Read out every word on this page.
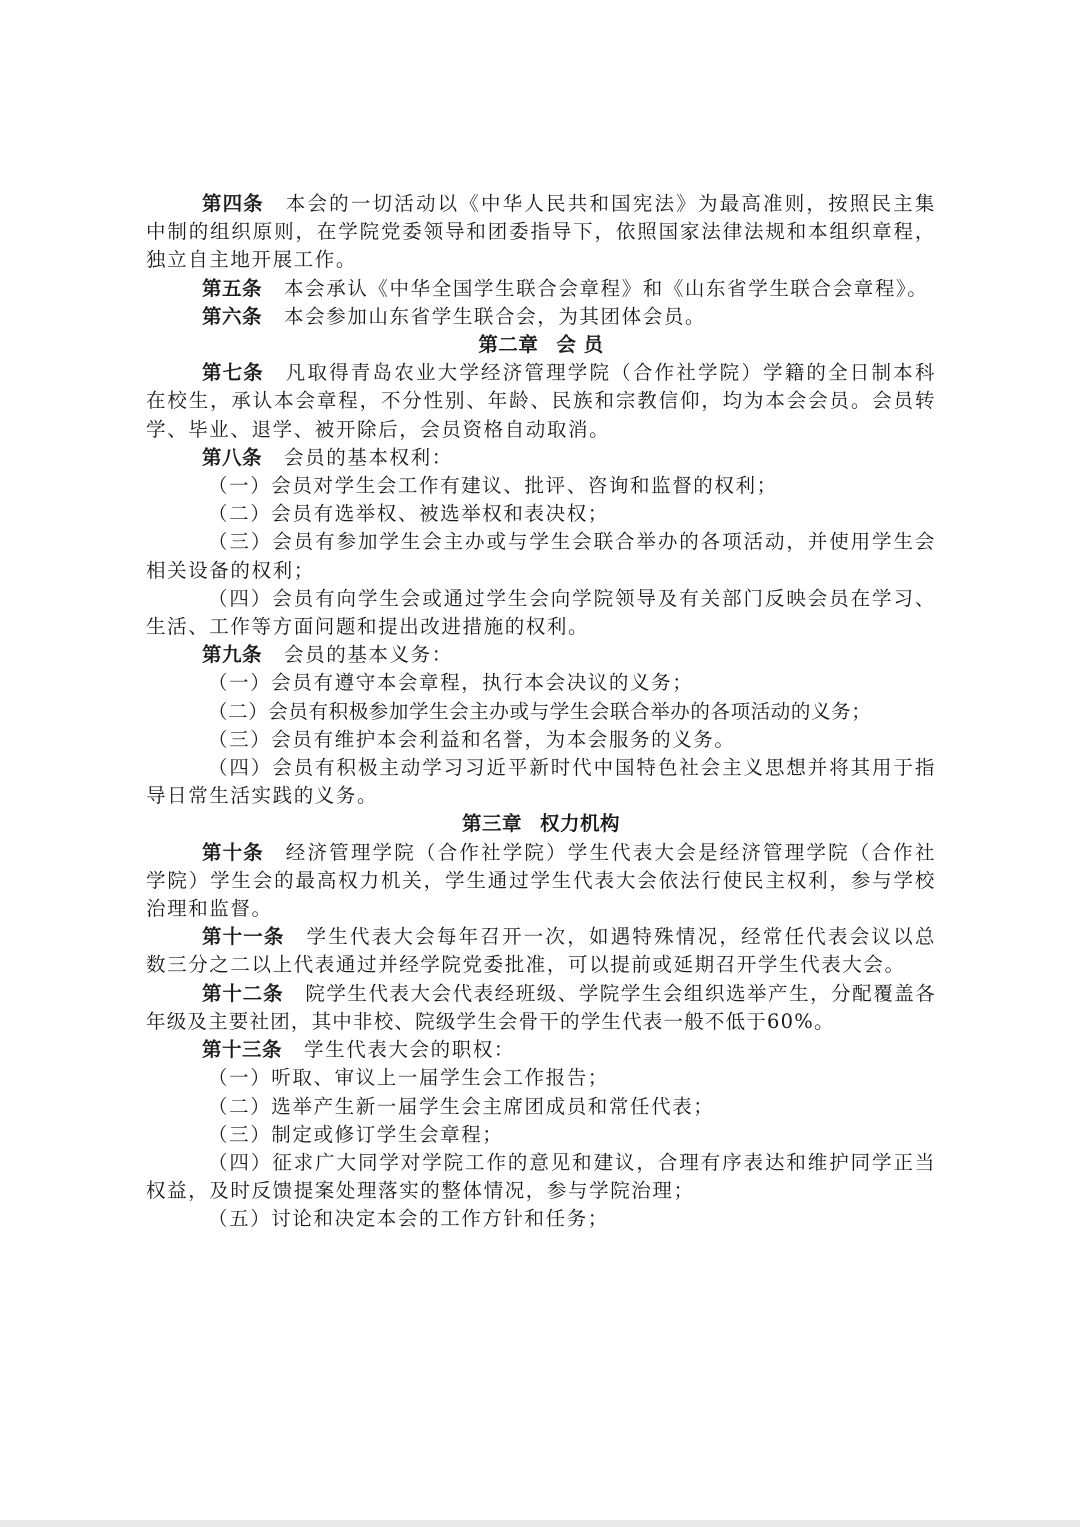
第四条 本会的一切活动以《中华人民共和国宪法》为最高准则，按照民主集中制的组织原则，在学院党委领导和团委指导下，依照国家法律法规和本组织章程，独立自主地开展工作。

第五条 本会承认《中华全国学生联合会章程》和《山东省学生联合会章程》。

第六条 本会参加山东省学生联合会，为其团体会员。

第二章 会 员

第七条 凡取得青岛农业大学经济管理学院（合作社学院）学籍的全日制本科在校生，承认本会章程，不分性别、年龄、民族和宗教信仰，均为本会会员。会员转学、毕业、退学、被开除后，会员资格自动取消。

第八条 会员的基本权利：

（一）会员对学生会工作有建议、批评、咨询和监督的权利；

（二）会员有选举权、被选举权和表决权；

（三）会员有参加学生会主办或与学生会联合举办的各项活动，并使用学生会相关设备的权利；

（四）会员有向学生会或通过学生会向学院领导及有关部门反映会员在学习、生活、工作等方面问题和提出改进措施的权利。

第九条 会员的基本义务：

（一）会员有遵守本会章程，执行本会决议的义务；

（二）会员有积极参加学生会主办或与学生会联合举办的各项活动的义务；

（三）会员有维护本会利益和名誉，为本会服务的义务。

（四）会员有积极主动学习习近平新时代中国特色社会主义思想并将其用于指导日常生活实践的义务。

第三章 权力机构

第十条 经济管理学院（合作社学院）学生代表大会是经济管理学院（合作社学院）学生会的最高权力机关，学生通过学生代表大会依法行使民主权利，参与学校治理和监督。

第十一条 学生代表大会每年召开一次，如遇特殊情况，经常任代表会议以总数三分之二以上代表通过并经学院党委批准，可以提前或延期召开学生代表大会。

第十二条 院学生代表大会代表经班级、学院学生会组织选举产生，分配覆盖各年级及主要社团，其中非校、院级学生会骨干的学生代表一般不低于60%。

第十三条 学生代表大会的职权：

（一）听取、审议上一届学生会工作报告；

（二）选举产生新一届学生会主席团成员和常任代表；

（三）制定或修订学生会章程；

（四）征求广大同学对学院工作的意见和建议，合理有序表达和维护同学正当权益，及时反馈提案处理落实的整体情况，参与学院治理；

（五）讨论和决定本会的工作方针和任务；
